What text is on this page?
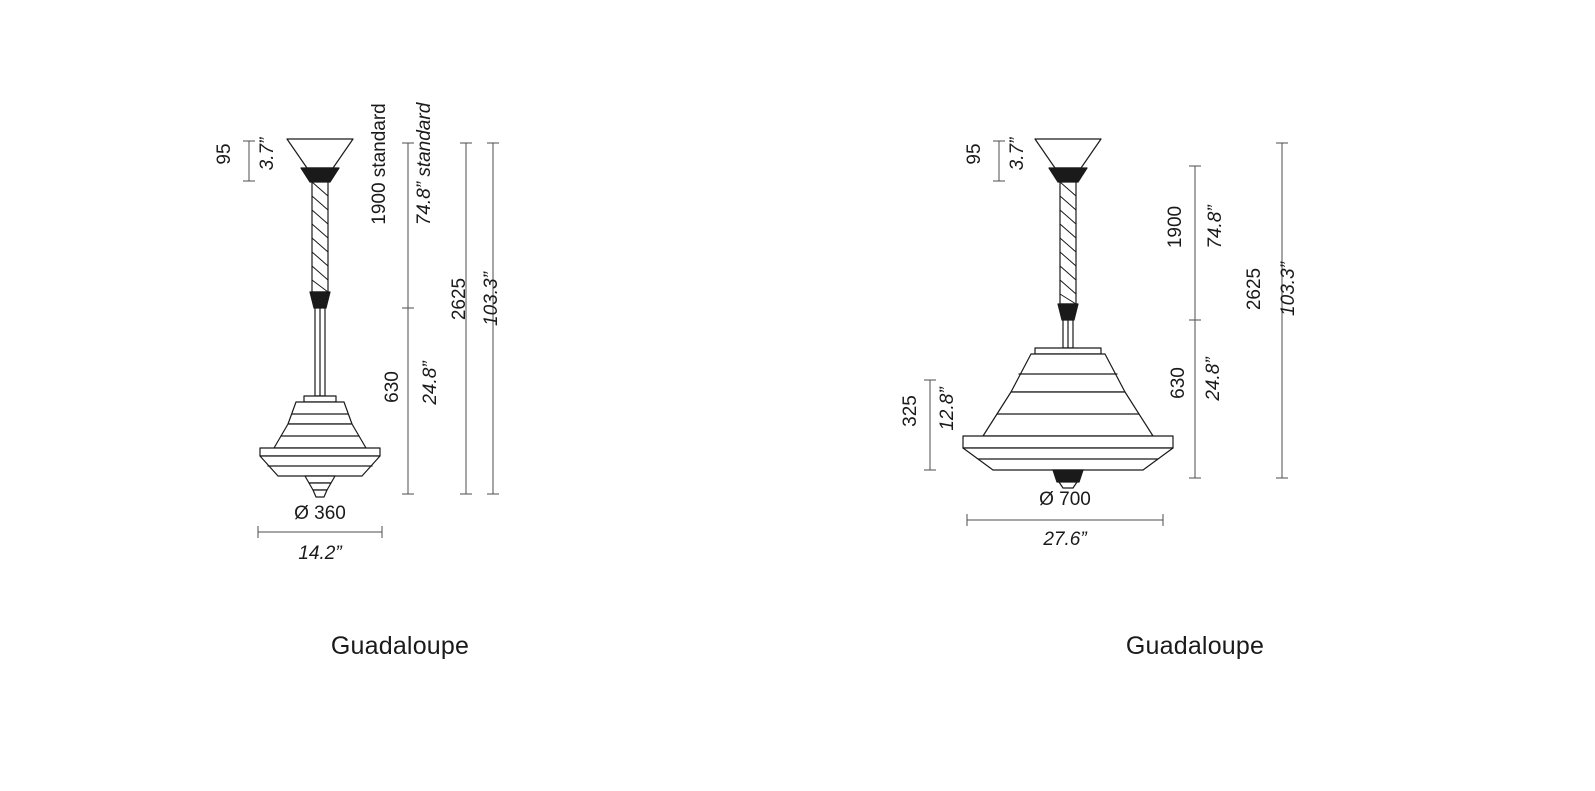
95 3.7”	1900 standard 74.8” standard
630 24.8”
2625 103.3”
Ø 360
14.2”
Guadaloupe
95 3.7”
1900 74.8”
630 24.8”
325 12.8”
2625 103.3”
Ø 700
27.6”
Guadaloupe
